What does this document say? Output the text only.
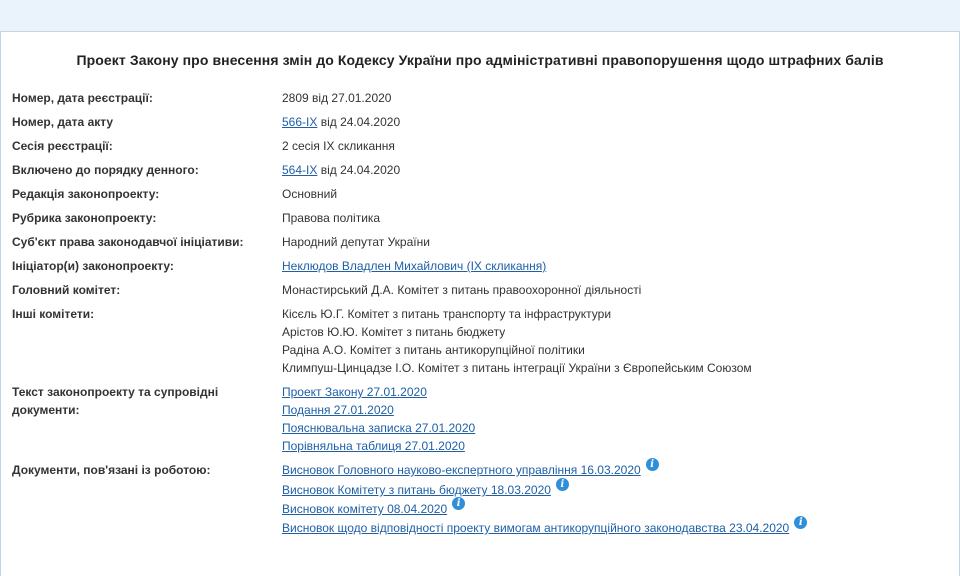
Проект Закону про внесення змін до Кодексу України про адміністративні правопорушення щодо штрафних балів
Номер, дата реєстрації:	2809 від 27.01.2020
Номер, дата акту	566-IX від 24.04.2020
Сесія реєстрації:	2 сесія IX скликання
Включено до порядку денного:	564-IX від 24.04.2020
Редакція законопроекту:	Основний
Рубрика законопроекту:	Правова політика
Суб'єкт права законодавчої ініціативи:	Народний депутат України
Ініціатор(и) законопроекту:	Неклюдов Владлен Михайлович (IX скликання)
Головний комітет:	Монастирський Д.А. Комітет з питань правоохоронної діяльності
Інші комітети:	Кісєль Ю.Г. Комітет з питань транспорту та інфраструктури
Арістов Ю.Ю. Комітет з питань бюджету
Радіна А.О. Комітет з питань антикорупційної політики
Климпуш-Цинцадзе І.О. Комітет з питань інтеграції України з Європейським Союзом
Текст законопроекту та супровідні документи:
Проект Закону 27.01.2020
Подання 27.01.2020
Пояснювальна записка 27.01.2020
Порівняльна таблиця 27.01.2020
Документи, пов'язані із роботою:	Висновок Головного науково-експертного управління 16.03.2020 i
Висновок Комітету з питань бюджету 18.03.2020 i
Висновок комітету 08.04.2020 i
Висновок щодо відповідності проекту вимогам антикорупційного законодавства 23.04.2020 i
